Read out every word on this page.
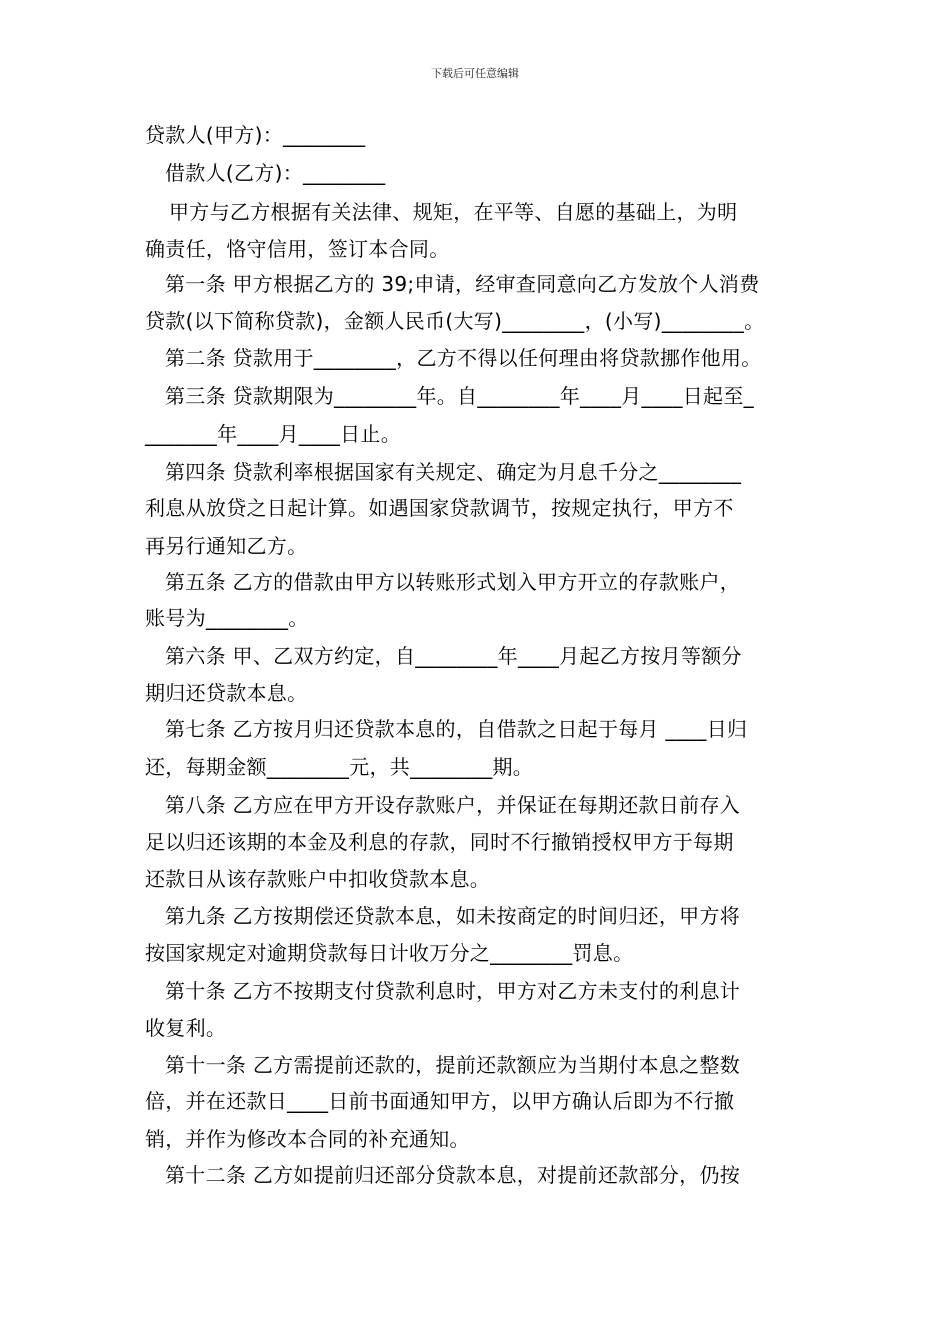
下载后可任意编辑
贷款人(甲方)：________
借款人(乙方)：________
甲方与乙方根据有关法律、规矩，在平等、自愿的基础上，为明
确责任，恪守信用，签订本合同。
第一条 甲方根据乙方的 39;申请，经审查同意向乙方发放个人消费
贷款(以下简称贷款)，金额人民币(大写)________，(小写)________。
第二条 贷款用于________，乙方不得以任何理由将贷款挪作他用。
第三条 贷款期限为________年。自________年____月____日起至_
_______年____月____日止。
第四条 贷款利率根据国家有关规定、确定为月息千分之________
利息从放贷之日起计算。如遇国家贷款调节，按规定执行，甲方不
再另行通知乙方。
第五条 乙方的借款由甲方以转账形式划入甲方开立的存款账户，
账号为________。
第六条 甲、乙双方约定，自________年____月起乙方按月等额分
期归还贷款本息。
第七条 乙方按月归还贷款本息的，自借款之日起于每月 ____日归
还，每期金额________元，共________期。
第八条 乙方应在甲方开设存款账户，并保证在每期还款日前存入
足以归还该期的本金及利息的存款，同时不行撤销授权甲方于每期
还款日从该存款账户中扣收贷款本息。
第九条 乙方按期偿还贷款本息，如未按商定的时间归还，甲方将
按国家规定对逾期贷款每日计收万分之________罚息。
第十条 乙方不按期支付贷款利息时，甲方对乙方未支付的利息计
收复利。
第十一条 乙方需提前还款的，提前还款额应为当期付本息之整数
倍，并在还款日____日前书面通知甲方，以甲方确认后即为不行撤
销，并作为修改本合同的补充通知。
第十二条 乙方如提前归还部分贷款本息，对提前还款部分，仍按
